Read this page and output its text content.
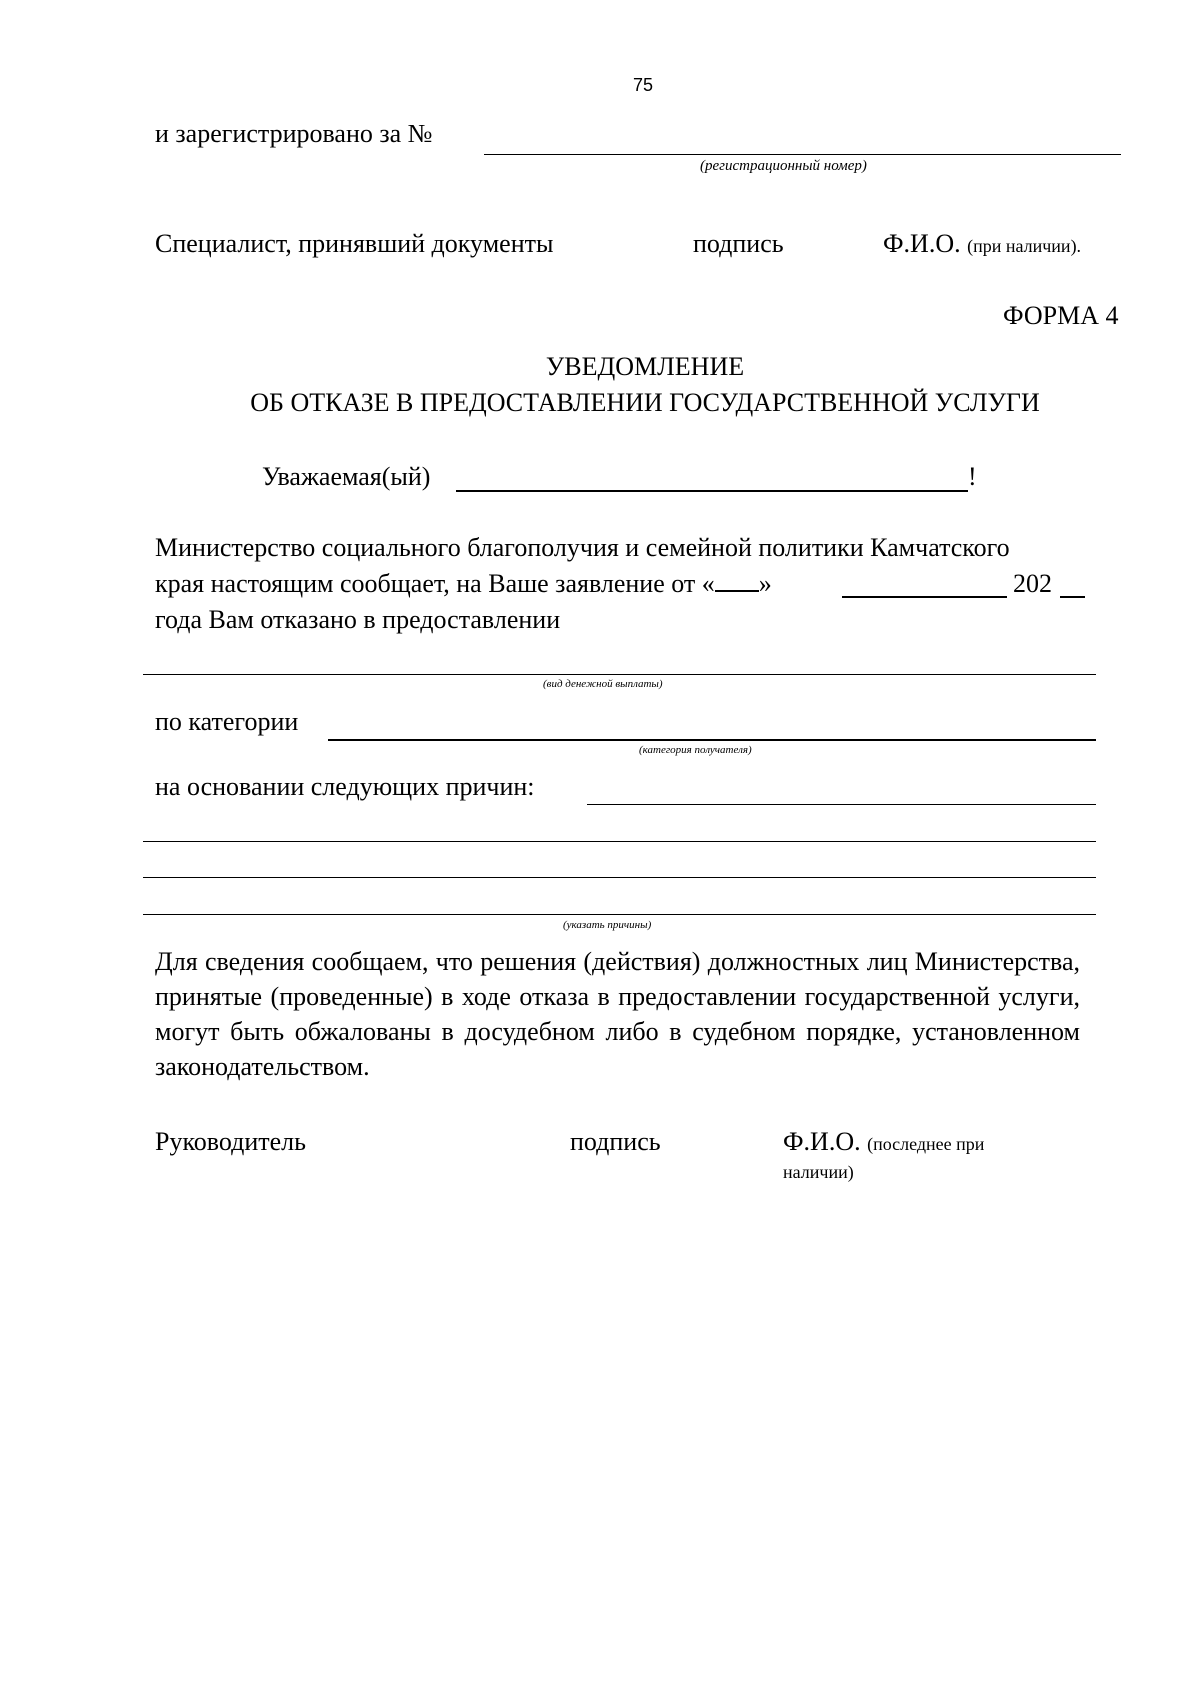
75
и зарегистрировано за №
(регистрационный номер)
Специалист, принявший документы	подпись	Ф.И.О. (при наличии).
ФОРМА 4
УВЕДОМЛЕНИЕ
ОБ ОТКАЗЕ В ПРЕДОСТАВЛЕНИИ ГОСУДАРСТВЕННОЙ УСЛУГИ
Уважаемая(ый)	!
Министерство социального благополучия и семейной политики Камчатского
края настоящим сообщает, на Ваше заявление от « »	202
года Вам отказано в предоставлении
(вид денежной выплаты)
по категории
(категория получателя)
на основании следующих причин:
(указать причины)
Для сведения сообщаем, что решения (действия) должностных лиц Министерства, принятые (проведенные) в ходе отказа в предоставлении государственной услуги, могут быть обжалованы в досудебном либо в судебном порядке, установленном законодательством.
Руководитель	подпись	Ф.И.О. (последнее при
наличии)
